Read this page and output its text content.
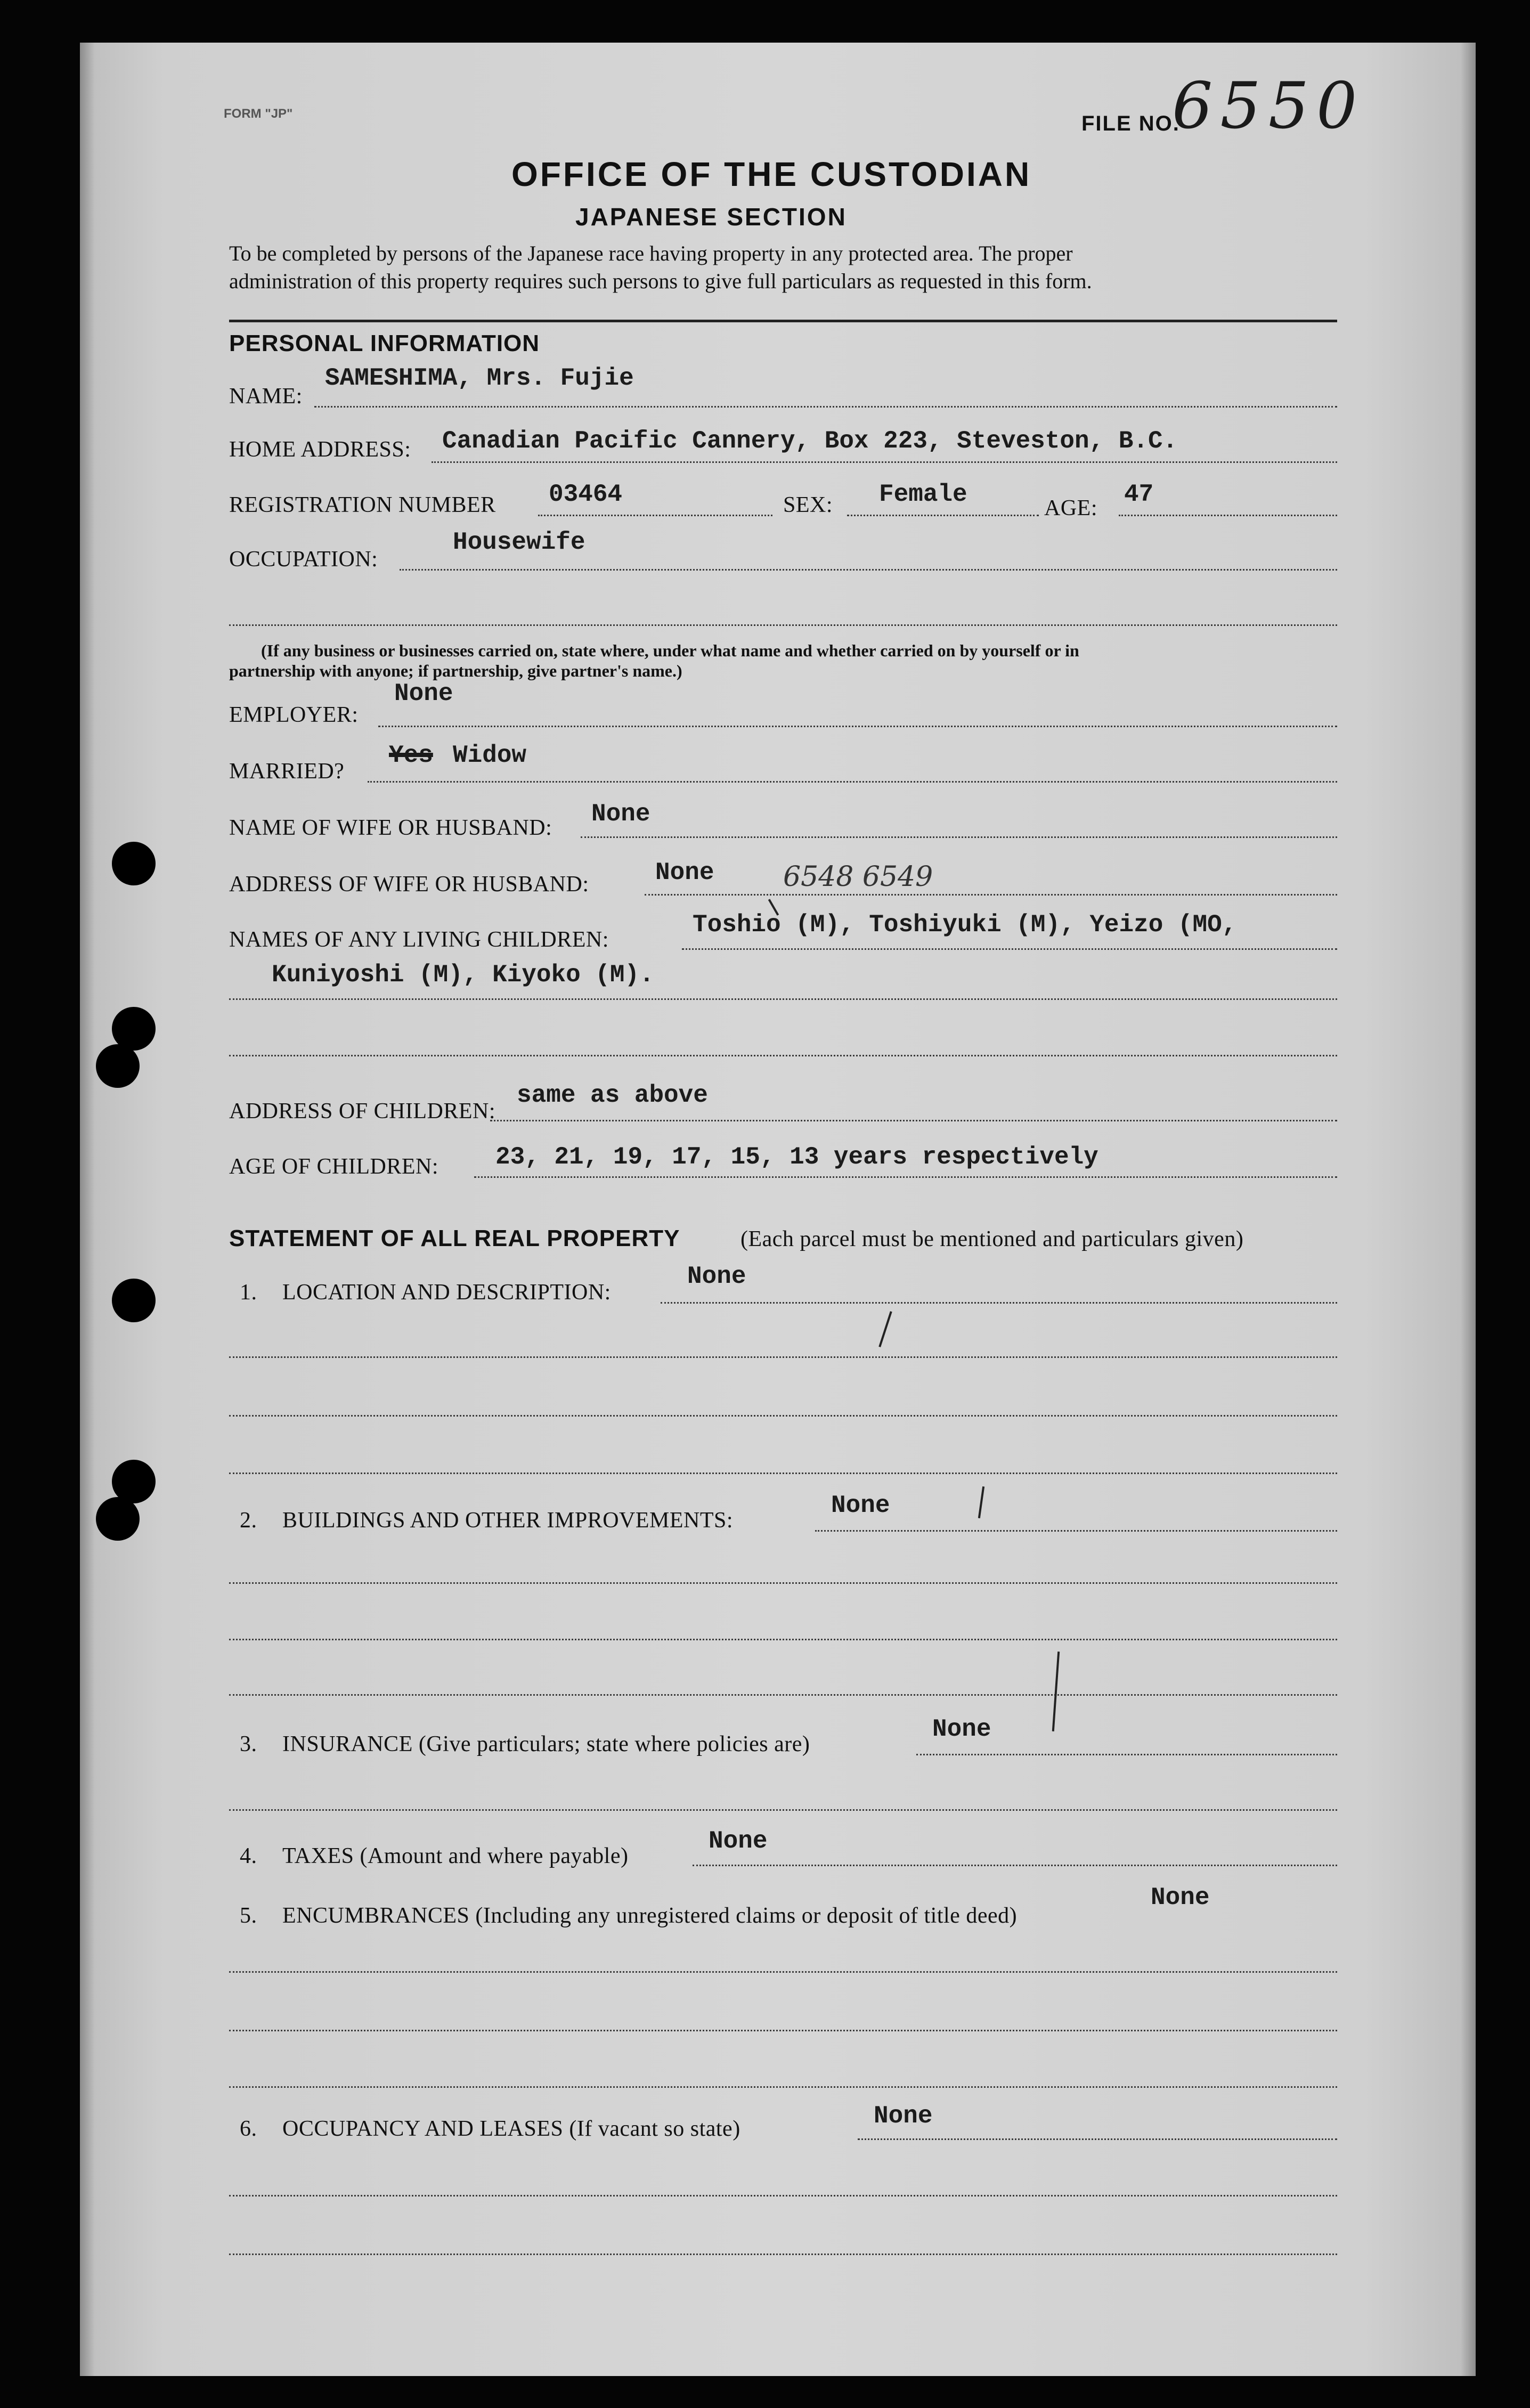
FORM "JP"	FILE NO.
6550
OFFICE OF THE CUSTODIAN
JAPANESE SECTION
To be completed by persons of the Japanese race having property in any protected area. The proper
administration of this property requires such persons to give full particulars as requested in this form.
PERSONAL INFORMATION
NAME:
SAMESHIMA, Mrs. Fujie
HOME ADDRESS: Canadian Pacific Cannery, Box 223, Steveston, B.C.
REGISTRATION NUMBER 03464	SEX: Female	AGE: 47
OCCUPATION:
Housewife
(If any business or businesses carried on, state where, under what name and whether carried on by yourself or in
partnership with anyone; if partnership, give partner's name.)
EMPLOYER:
None
MARRIED?
Yes Widow
NAME OF WIFE OR HUSBAND: None
ADDRESS OF WIFE OR HUSBAND:	None 6548 6549
NAMES OF ANY LIVING CHILDREN:
Toshio (M), Toshiyuki (M), Yeizo (MO,
Kuniyoshi (M), Kiyoko (M).
ADDRESS OF CHILDREN:
same as above
AGE OF CHILDREN: 23, 21, 19, 17, 15, 13 years respectively
STATEMENT OF ALL REAL PROPERTY	(Each parcel must be mentioned and particulars given)
1. LOCATION AND DESCRIPTION:
None
2. BUILDINGS AND OTHER IMPROVEMENTS:
None
3. INSURANCE (Give particulars; state where policies are)
None
4. TAXES (Amount and where payable)
None
5. ENCUMBRANCES (Including any unregistered claims or deposit of title deed)
None
6. OCCUPANCY AND LEASES (If vacant so state)	None
